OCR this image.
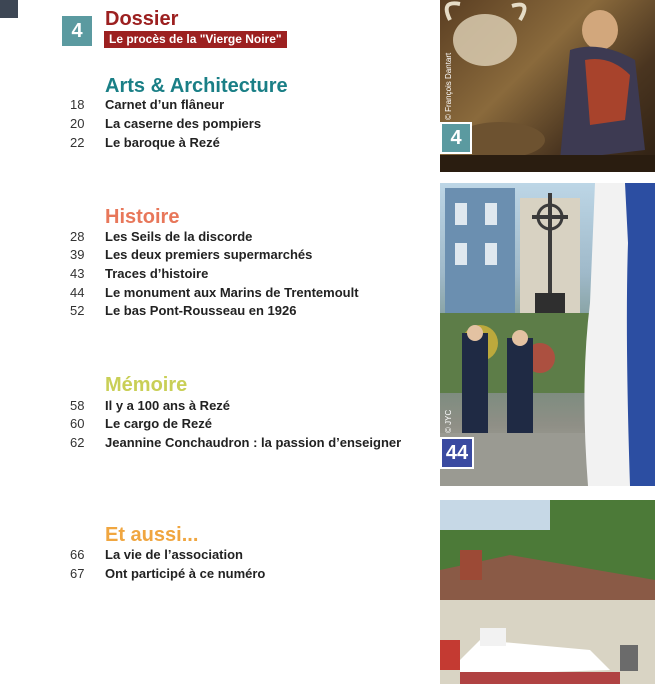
4
Dossier
Le procès de la "Vierge Noire"
Arts & Architecture
18 Carnet d’un flâneur
20 La caserne des pompiers
22 Le baroque à Rezé
Histoire
28 Les Seils de la discorde
39 Les deux premiers supermarchés
43 Traces d’histoire
44 Le monument aux Marins de Trentemoult
52 Le bas Pont-Rousseau en 1926
Mémoire
58 Il y a 100 ans à Rezé
60 Le cargo de Rezé
62 Jeannine Conchaudron : la passion d’enseigner
Et aussi...
66 La vie de l’association
67 Ont participé à ce numéro
© François Dantart
4
© JYC
44
